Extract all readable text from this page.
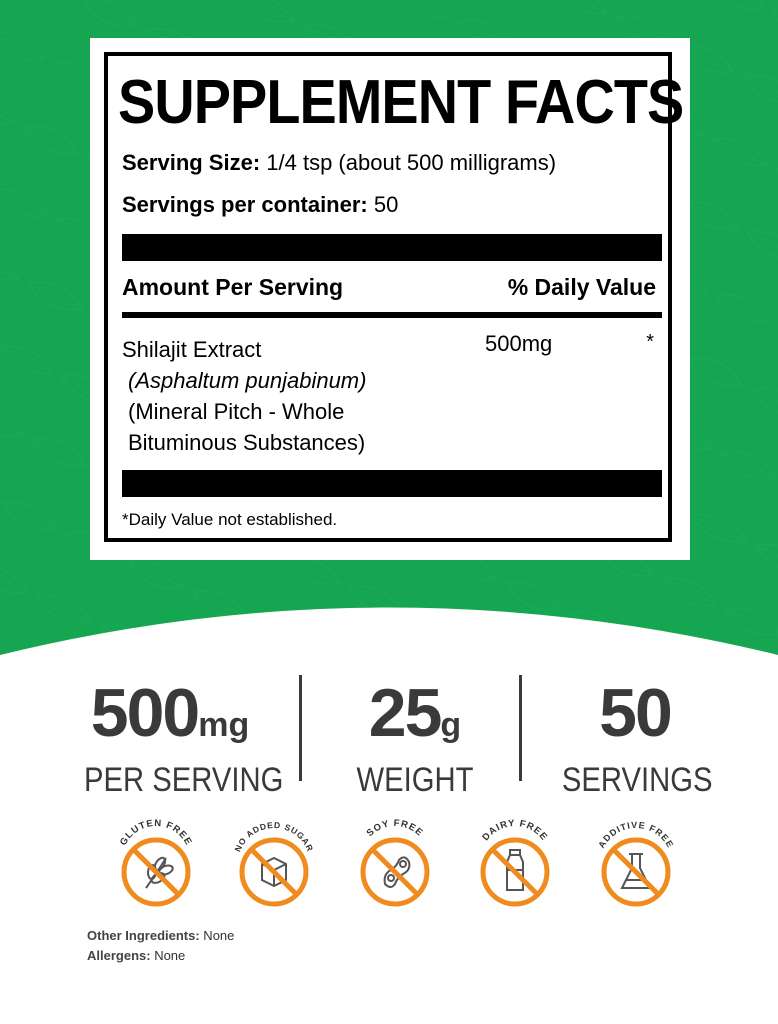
SUPPLEMENT FACTS
Serving Size: 1/4 tsp (about 500 milligrams)
Servings per container: 50
Amount Per Serving	% Daily Value
Shilajit Extract
(Asphaltum punjabinum)
(Mineral Pitch - Whole
Bituminous Substances)
500mg	*
*Daily Value not established.
500mg
PER SERVING
25g
WEIGHT
50
SERVINGS
GLUTEN FREE
NO ADDED SUGAR
SOY FREE	DAIRY FREE
ADDITIVE FREE
Other Ingredients: None
Allergens: None
